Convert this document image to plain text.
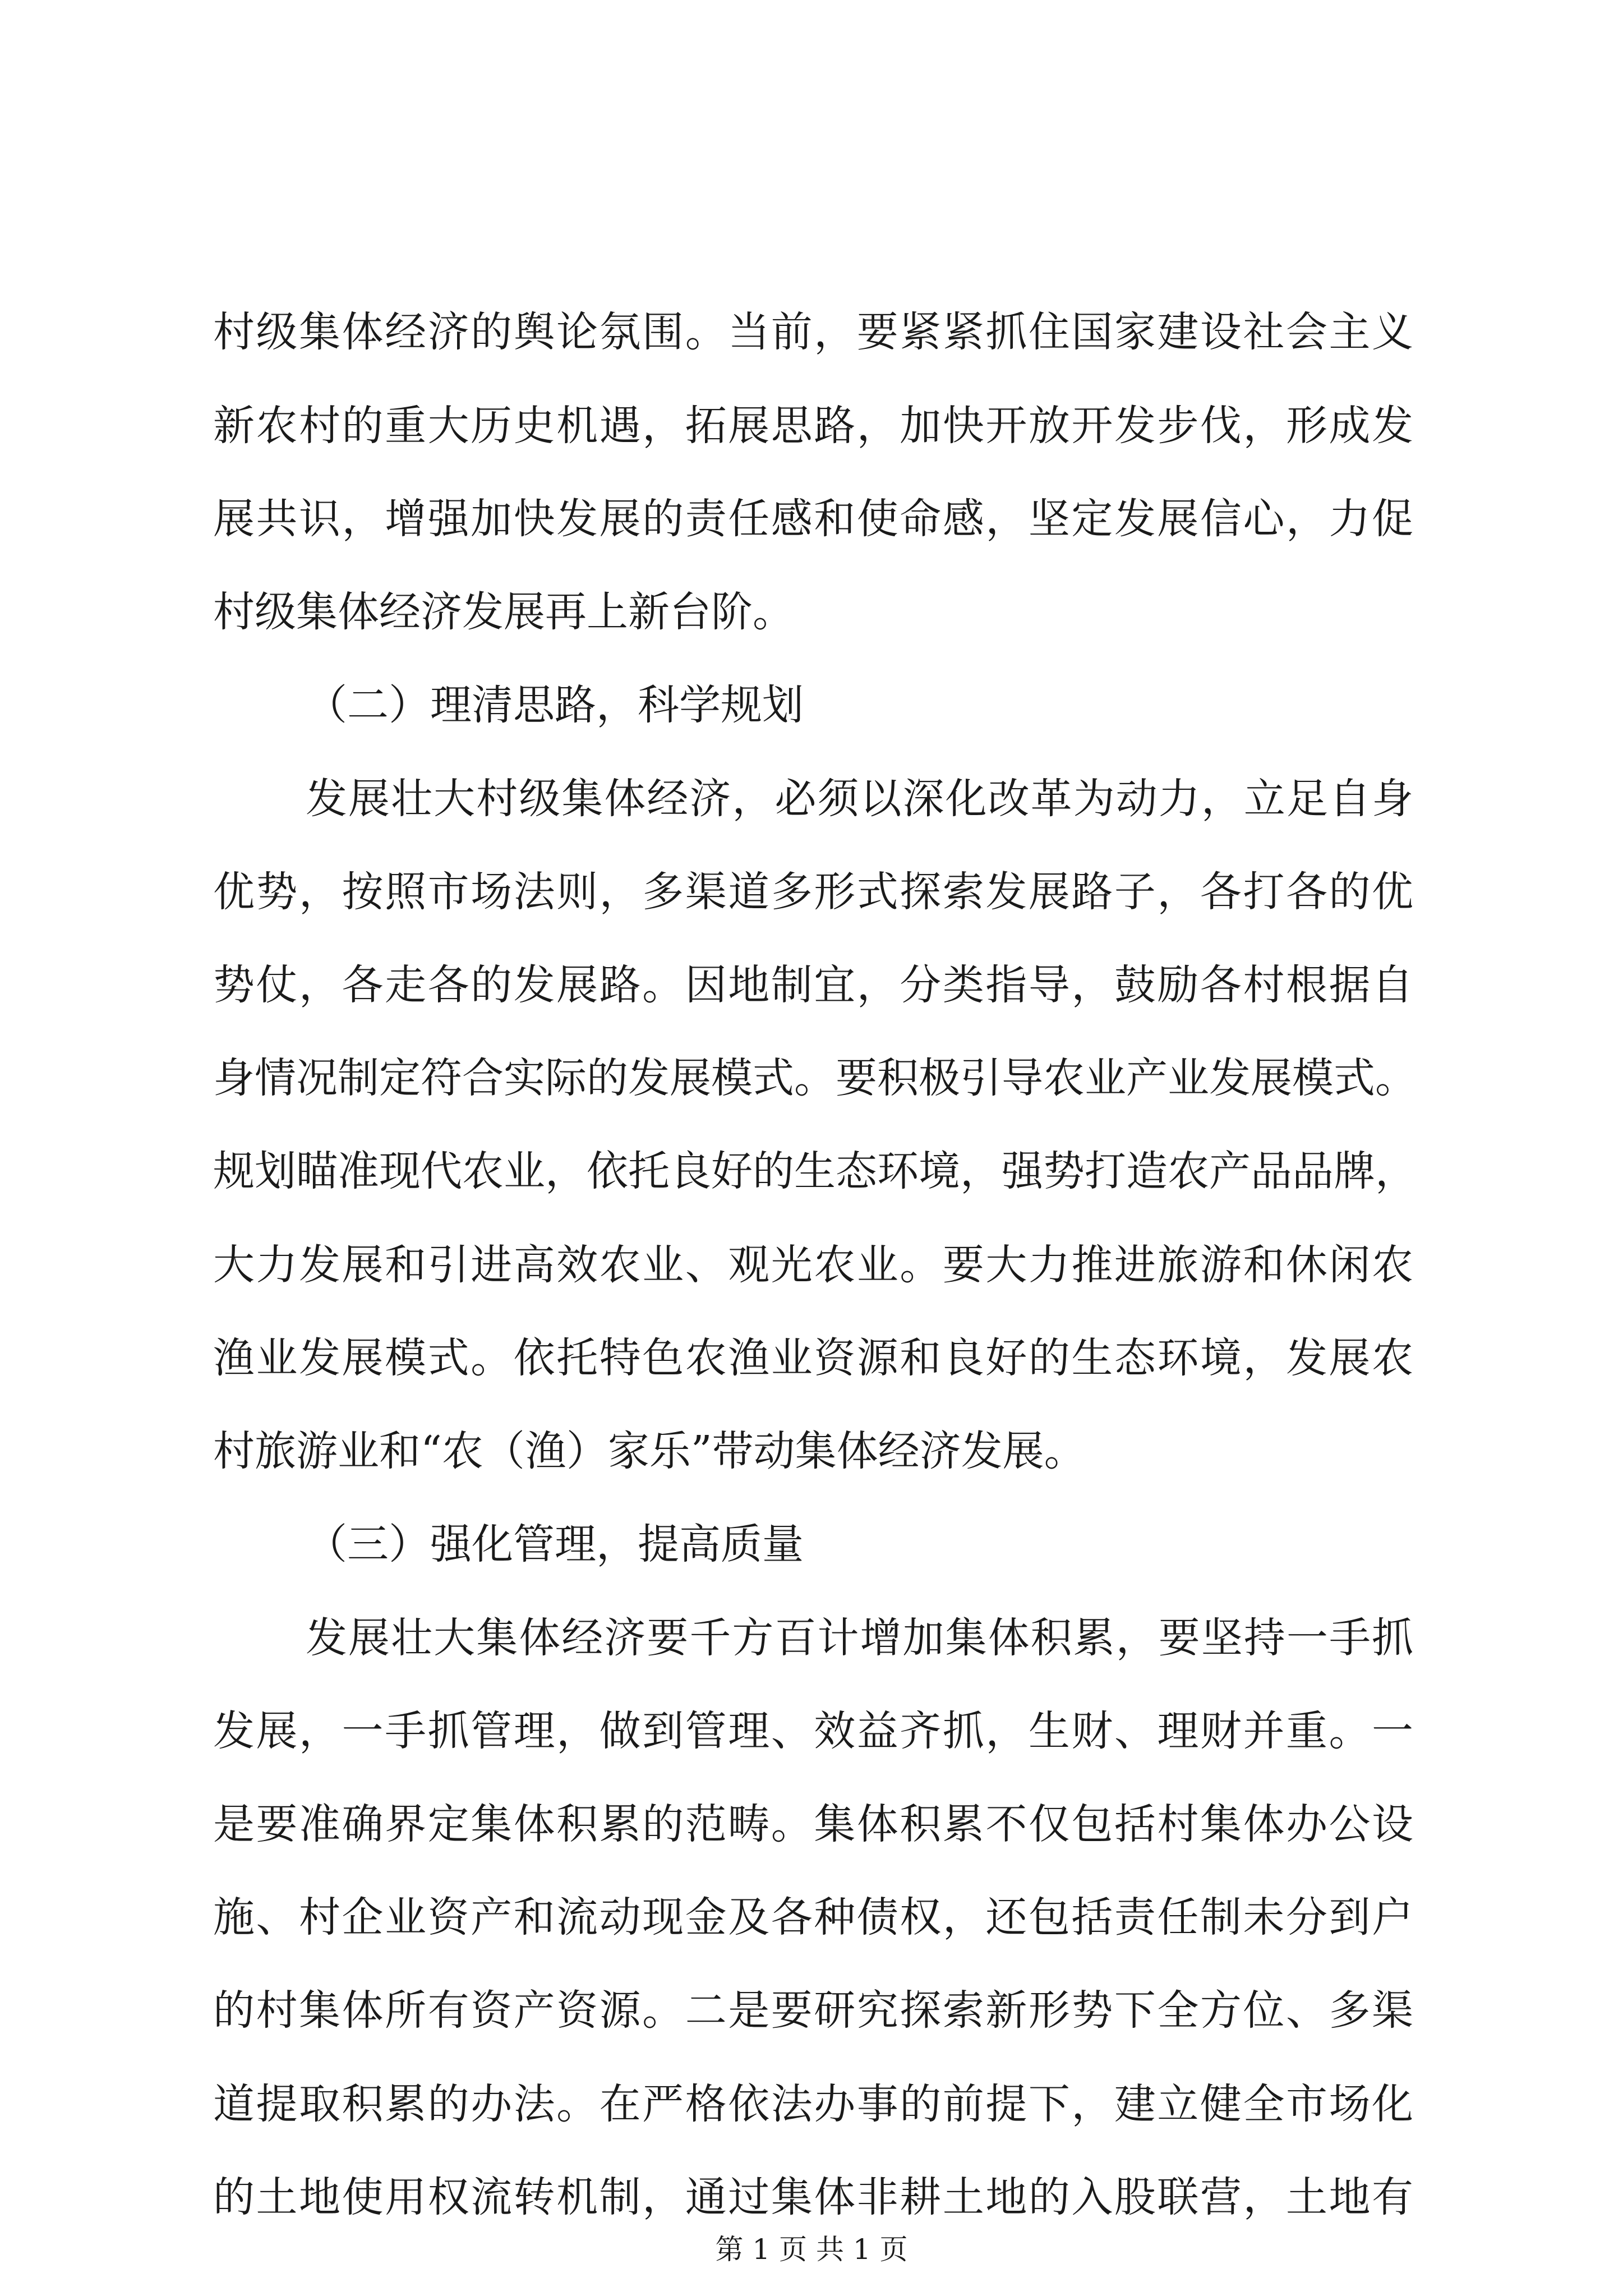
村级集体经济的舆论氛围。当前，要紧紧抓住国家建设社会主义
新农村的重大历史机遇，拓展思路，加快开放开发步伐，形成发
展共识，增强加快发展的责任感和使命感，坚定发展信心，力促
村级集体经济发展再上新台阶。
（二）理清思路，科学规划
发展壮大村级集体经济，必须以深化改革为动力，立足自身
优势，按照市场法则，多渠道多形式探索发展路子，各打各的优
势仗，各走各的发展路。因地制宜，分类指导，鼓励各村根据自
身情况制定符合实际的发展模式。要积极引导农业产业发展模式。
规划瞄准现代农业，依托良好的生态环境，强势打造农产品品牌，
大力发展和引进高效农业、观光农业。要大力推进旅游和休闲农
渔业发展模式。依托特色农渔业资源和良好的生态环境，发展农
村旅游业和“农（渔）家乐”带动集体经济发展。
（三）强化管理，提高质量
发展壮大集体经济要千方百计增加集体积累，要坚持一手抓
发展，一手抓管理，做到管理、效益齐抓，生财、理财并重。一
是要准确界定集体积累的范畴。集体积累不仅包括村集体办公设
施、村企业资产和流动现金及各种债权，还包括责任制未分到户
的村集体所有资产资源。二是要研究探索新形势下全方位、多渠
道提取积累的办法。在严格依法办事的前提下，建立健全市场化
的土地使用权流转机制，通过集体非耕土地的入股联营，土地有
第 1 页 共 1 页
